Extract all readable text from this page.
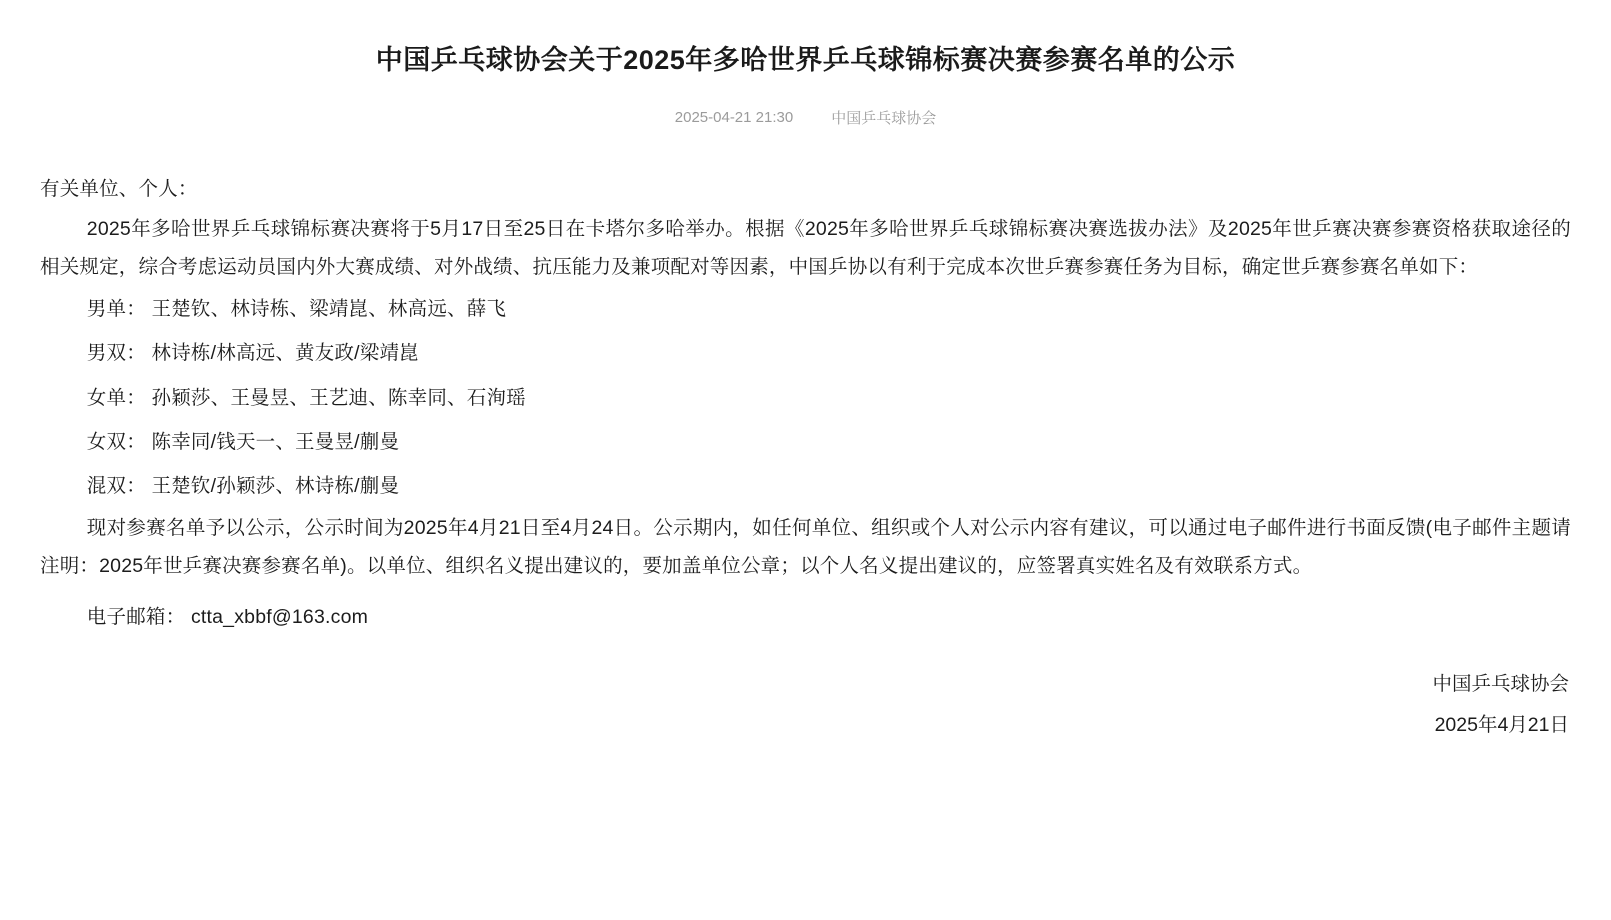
中国乒乓球协会关于2025年多哈世界乒乓球锦标赛决赛参赛名单的公示
2025-04-21 21:30	中国乒乓球协会

有关单位、个人：

2025年多哈世界乒乓球锦标赛决赛将于5月17日至25日在卡塔尔多哈举办。根据《2025年多哈世界乒乓球锦标赛决赛选拔办法》及2025年世乒赛决赛参赛资格获取途径的相关规定，综合考虑运动员国内外大赛成绩、对外战绩、抗压能力及兼项配对等因素，中国乒协以有利于完成本次世乒赛参赛任务为目标，确定世乒赛参赛名单如下：

男单： 王楚钦、林诗栋、梁靖崑、林高远、薛飞

男双： 林诗栋/林高远、黄友政/梁靖崑

女单： 孙颖莎、王曼昱、王艺迪、陈幸同、石洵瑶

女双： 陈幸同/钱天一、王曼昱/蒯曼

混双： 王楚钦/孙颖莎、林诗栋/蒯曼

现对参赛名单予以公示，公示时间为2025年4月21日至4月24日。公示期内，如任何单位、组织或个人对公示内容有建议，可以通过电子邮件进行书面反馈(电子邮件主题请注明：2025年世乒赛决赛参赛名单)。以单位、组织名义提出建议的，要加盖单位公章；以个人名义提出建议的，应签署真实姓名及有效联系方式。

电子邮箱： ctta_xbbf@163.com

中国乒乓球协会
2025年4月21日
